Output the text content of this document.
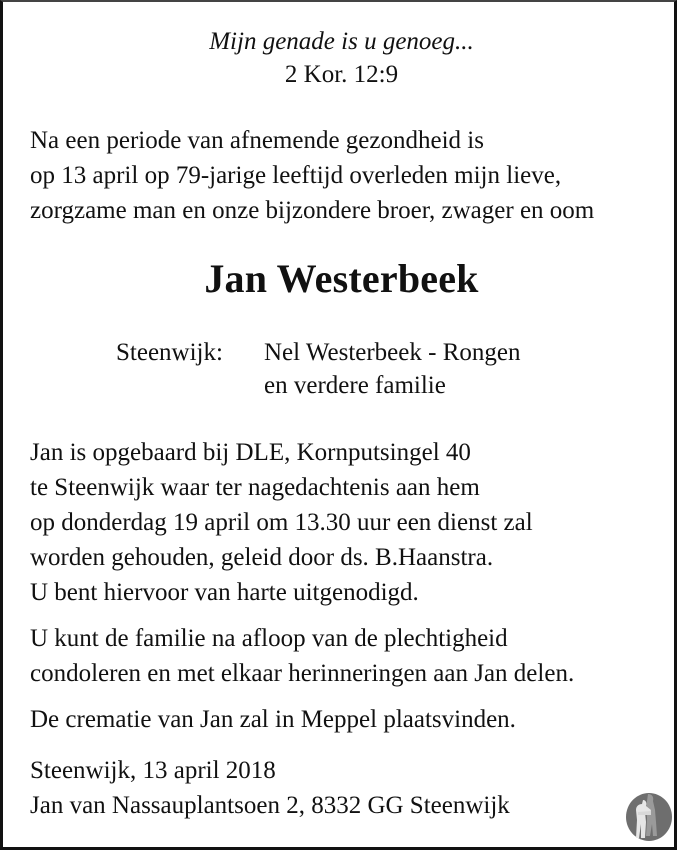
Mijn genade is u genoeg...
2 Kor. 12:9
Na een periode van afnemende gezondheid is
op 13 april op 79-jarige leeftijd overleden mijn lieve,
zorgzame man en onze bijzondere broer, zwager en oom
Jan Westerbeek
Steenwijk: Nel Westerbeek - Rongen
en verdere familie
Jan is opgebaard bij DLE, Kornputsingel 40
te Steenwijk waar ter nagedachtenis aan hem
op donderdag 19 april om 13.30 uur een dienst zal
worden gehouden, geleid door ds. B.Haanstra.
U bent hiervoor van harte uitgenodigd.
U kunt de familie na afloop van de plechtigheid
condoleren en met elkaar herinneringen aan Jan delen.
De crematie van Jan zal in Meppel plaatsvinden.
Steenwijk, 13 april 2018
Jan van Nassauplantsoen 2, 8332 GG Steenwijk
